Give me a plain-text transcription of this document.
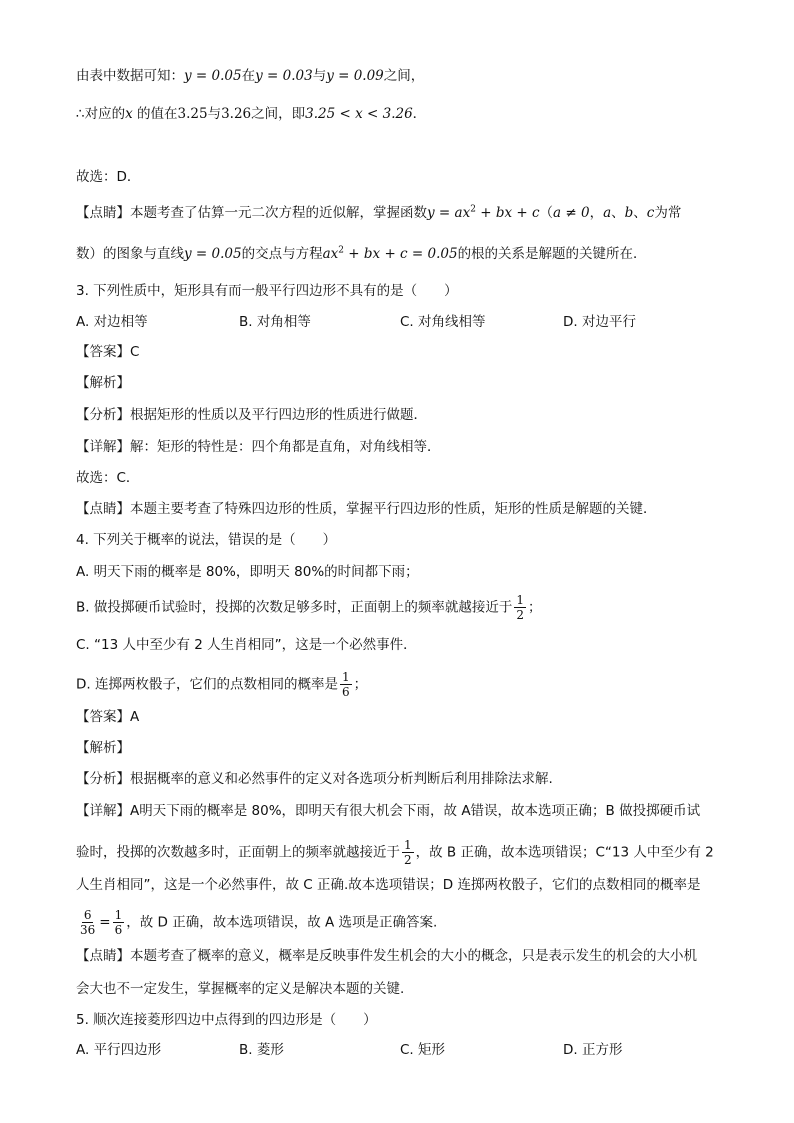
由表中数据可知：y = 0.05在y = 0.03与y = 0.09之间，
∴对应的x 的值在3.25与3.26之间，即3.25 < x < 3.26．
故选：D．
【点睛】本题考查了估算一元二次方程的近似解，掌握函数$y = ax^2$ + bx + c（a ≠ 0，a、b、c为常
数）的图象与直线y = 0.05的交点与方程$ax^2$ + bx + c = 0.05的根的关系是解题的关键所在．
3. 下列性质中，矩形具有而一般平行四边形不具有的是（　　）
A. 对边相等	B. 对角相等	C. 对角线相等	D. 对边平行
【答案】C
【解析】
【分析】根据矩形的性质以及平行四边形的性质进行做题．
【详解】解：矩形的特性是：四个角都是直角，对角线相等．
故选：C．
【点睛】本题主要考查了特殊四边形的性质，掌握平行四边形的性质，矩形的性质是解题的关键．
4. 下列关于概率的说法，错误的是（　　）
A. 明天下雨的概率是 80%，即明天 80%的时间都下雨；
B. 做投掷硬币试验时，投掷的次数足够多时，正面朝上的频率就越接近于 $\frac{1}{2}$ ；
C. “13 人中至少有 2 人生肖相同”，这是一个必然事件．
D. 连掷两枚骰子，它们的点数相同的概率是 $\frac{1}{6}$ ；
【答案】A
【解析】
【分析】根据概率的意义和必然事件的定义对各选项分析判断后利用排除法求解.
【详解】A明天下雨的概率是 80%，即明天有很大机会下雨，故 A错误，故本选项正确；B 做投掷硬币试
验时，投掷的次数越多时，正面朝上的频率就越接近于 $\frac{1}{2}$ ，故 B 正确，故本选项错误；C“13 人中至少有 2
人生肖相同”，这是一个必然事件，故 C 正确.故本选项错误；D 连掷两枚骰子，它们的点数相同的概率是
$\frac{6}{36} = \frac{1}{6}$ ，故 D 正确，故本选项错误，故 A 选项是正确答案.
【点睛】本题考查了概率的意义，概率是反映事件发生机会的大小的概念，只是表示发生的机会的大小机
会大也不一定发生，掌握概率的定义是解决本题的关键.
5. 顺次连接菱形四边中点得到的四边形是（　　）
A. 平行四边形	B. 菱形	C. 矩形	D. 正方形
